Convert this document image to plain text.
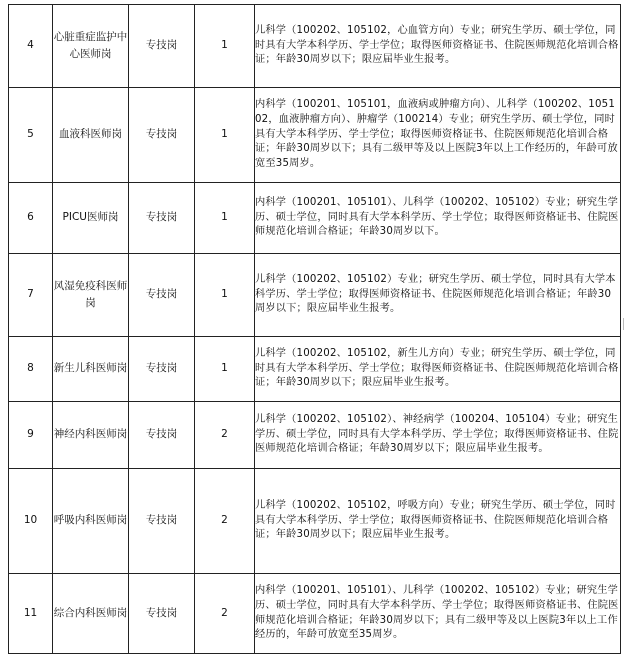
4	心脏重症监护中心医师岗	专技岗	1	儿科学（100202、105102，心血管方向）专业；研究生学历、硕士学位，同时具有大学本科学历、学士学位；取得医师资格证书、住院医师规范化培训合格证；年龄30周岁以下；限应届毕业生报考。
5	血液科医师岗	专技岗	1	内科学（100201、105101，血液病或肿瘤方向）、儿科学（100202、105102，血液肿瘤方向）、肿瘤学（100214）专业；研究生学历、硕士学位，同时具有大学本科学历、学士学位；取得医师资格证书、住院医师规范化培训合格证；年龄30周岁以下；具有二级甲等及以上医院3年以上工作经历的，年龄可放宽至35周岁。
6	PICU医师岗	专技岗	1	内科学（100201、105101）、儿科学（100202、105102）专业；研究生学历、硕士学位，同时具有大学本科学历、学士学位；取得医师资格证书、住院医师规范化培训合格证；年龄30周岁以下。
7	风湿免疫科医师岗	专技岗	1	儿科学（100202、105102）专业；研究生学历、硕士学位，同时具有大学本科学历、学士学位；取得医师资格证书、住院医师规范化培训合格证；年龄30周岁以下；限应届毕业生报考。
8	新生儿科医师岗	专技岗	1	儿科学（100202、105102，新生儿方向）专业；研究生学历、硕士学位，同时具有大学本科学历、学士学位；取得医师资格证书、住院医师规范化培训合格证；年龄30周岁以下；限应届毕业生报考。
9	神经内科医师岗	专技岗	2	儿科学（100202、105102）、神经病学（100204、105104）专业；研究生学历、硕士学位，同时具有大学本科学历、学士学位；取得医师资格证书、住院医师规范化培训合格证；年龄30周岁以下；限应届毕业生报考。
10	呼吸内科医师岗	专技岗	2	儿科学（100202、105102，呼吸方向）专业；研究生学历、硕士学位，同时具有大学本科学历、学士学位；取得医师资格证书、住院医师规范化培训合格证；年龄30周岁以下；限应届毕业生报考。
11	综合内科医师岗	专技岗	2	内科学（100201、105101）、儿科学（100202、105102）专业；研究生学历、硕士学位，同时具有大学本科学历、学士学位；取得医师资格证书、住院医师规范化培训合格证；年龄30周岁以下；具有二级甲等及以上医院3年以上工作经历的，年龄可放宽至35周岁。
